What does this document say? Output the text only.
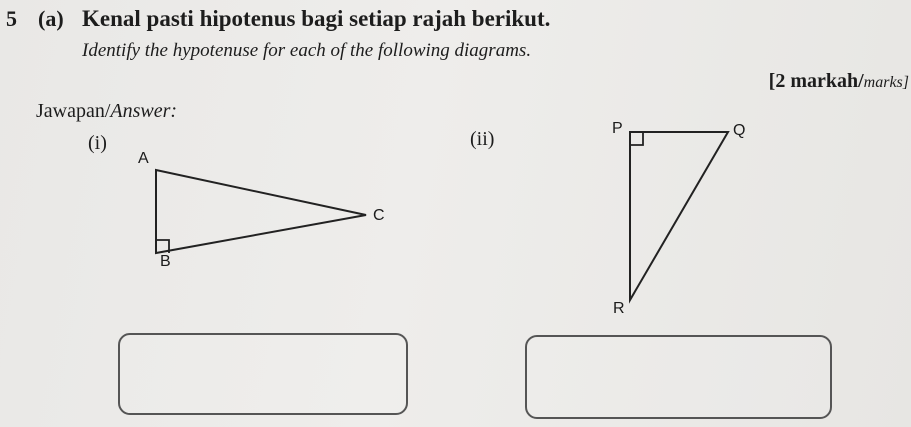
5 (a) Kenal pasti hipotenus bagi setiap rajah berikut.
Identify the hypotenuse for each of the following diagrams.
[2 markah/marks]
Jawapan/Answer:
(i)	(ii)
A
B
C
P	Q
R
